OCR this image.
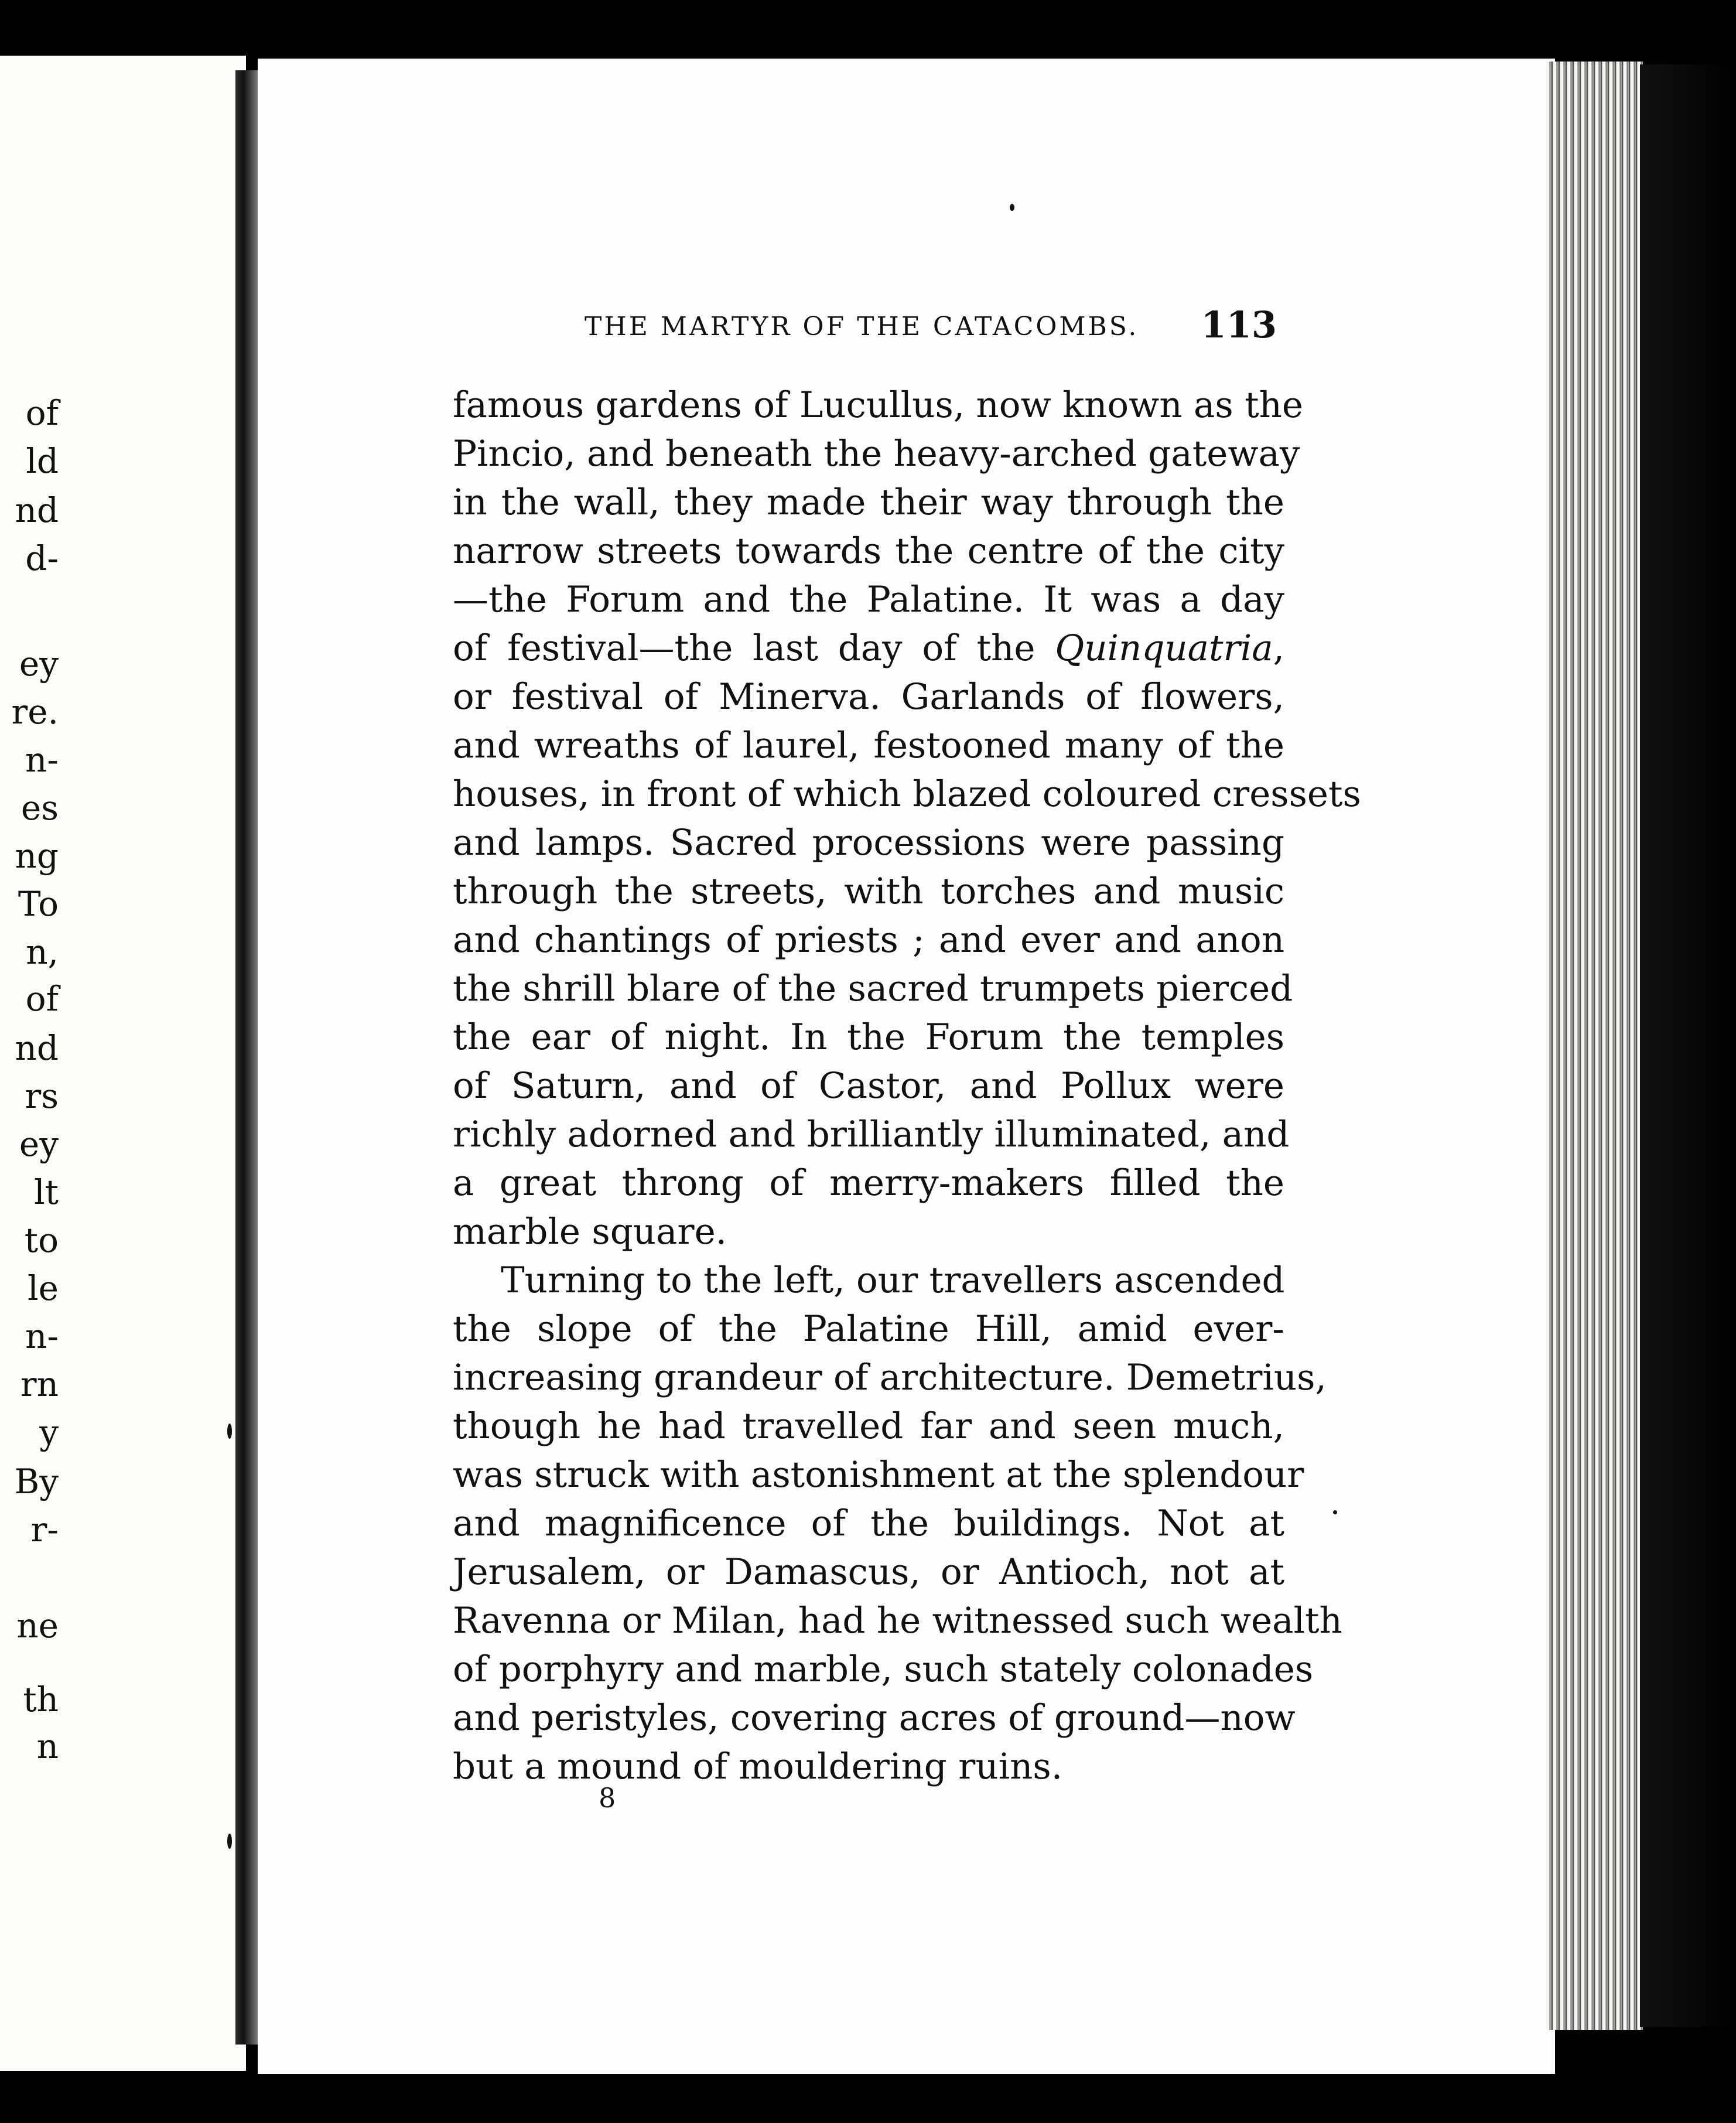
of
ld
nd
d-
ey
re.
n-
es
ng
To
n,
of
nd
rs
ey
lt
to
le
n-
rn
y
By
r-
ne
th
n
THE MARTYR OF THE CATACOMBS. 113
famous gardens of Lucullus, now known as the
Pincio, and beneath the heavy-arched gateway
in the wall, they made their way through the
narrow streets towards the centre of the city
—the Forum and the Palatine. It was a day
of festival—the last day of the Quinquatria,
or festival of Minerva. Garlands of flowers,
and wreaths of laurel, festooned many of the
houses, in front of which blazed coloured cressets
and lamps. Sacred processions were passing
through the streets, with torches and music
and chantings of priests ; and ever and anon
the shrill blare of the sacred trumpets pierced
the ear of night. In the Forum the temples
of Saturn, and of Castor, and Pollux were
richly adorned and brilliantly illuminated, and
a great throng of merry-makers filled the
marble square.
Turning to the left, our travellers ascended
the slope of the Palatine Hill, amid ever-
increasing grandeur of architecture. Demetrius,
though he had travelled far and seen much,
was struck with astonishment at the splendour
and magnificence of the buildings. Not at
Jerusalem, or Damascus, or Antioch, not at
Ravenna or Milan, had he witnessed such wealth
of porphyry and marble, such stately colonades
and peristyles, covering acres of ground—now
but a mound of mouldering ruins.
8
